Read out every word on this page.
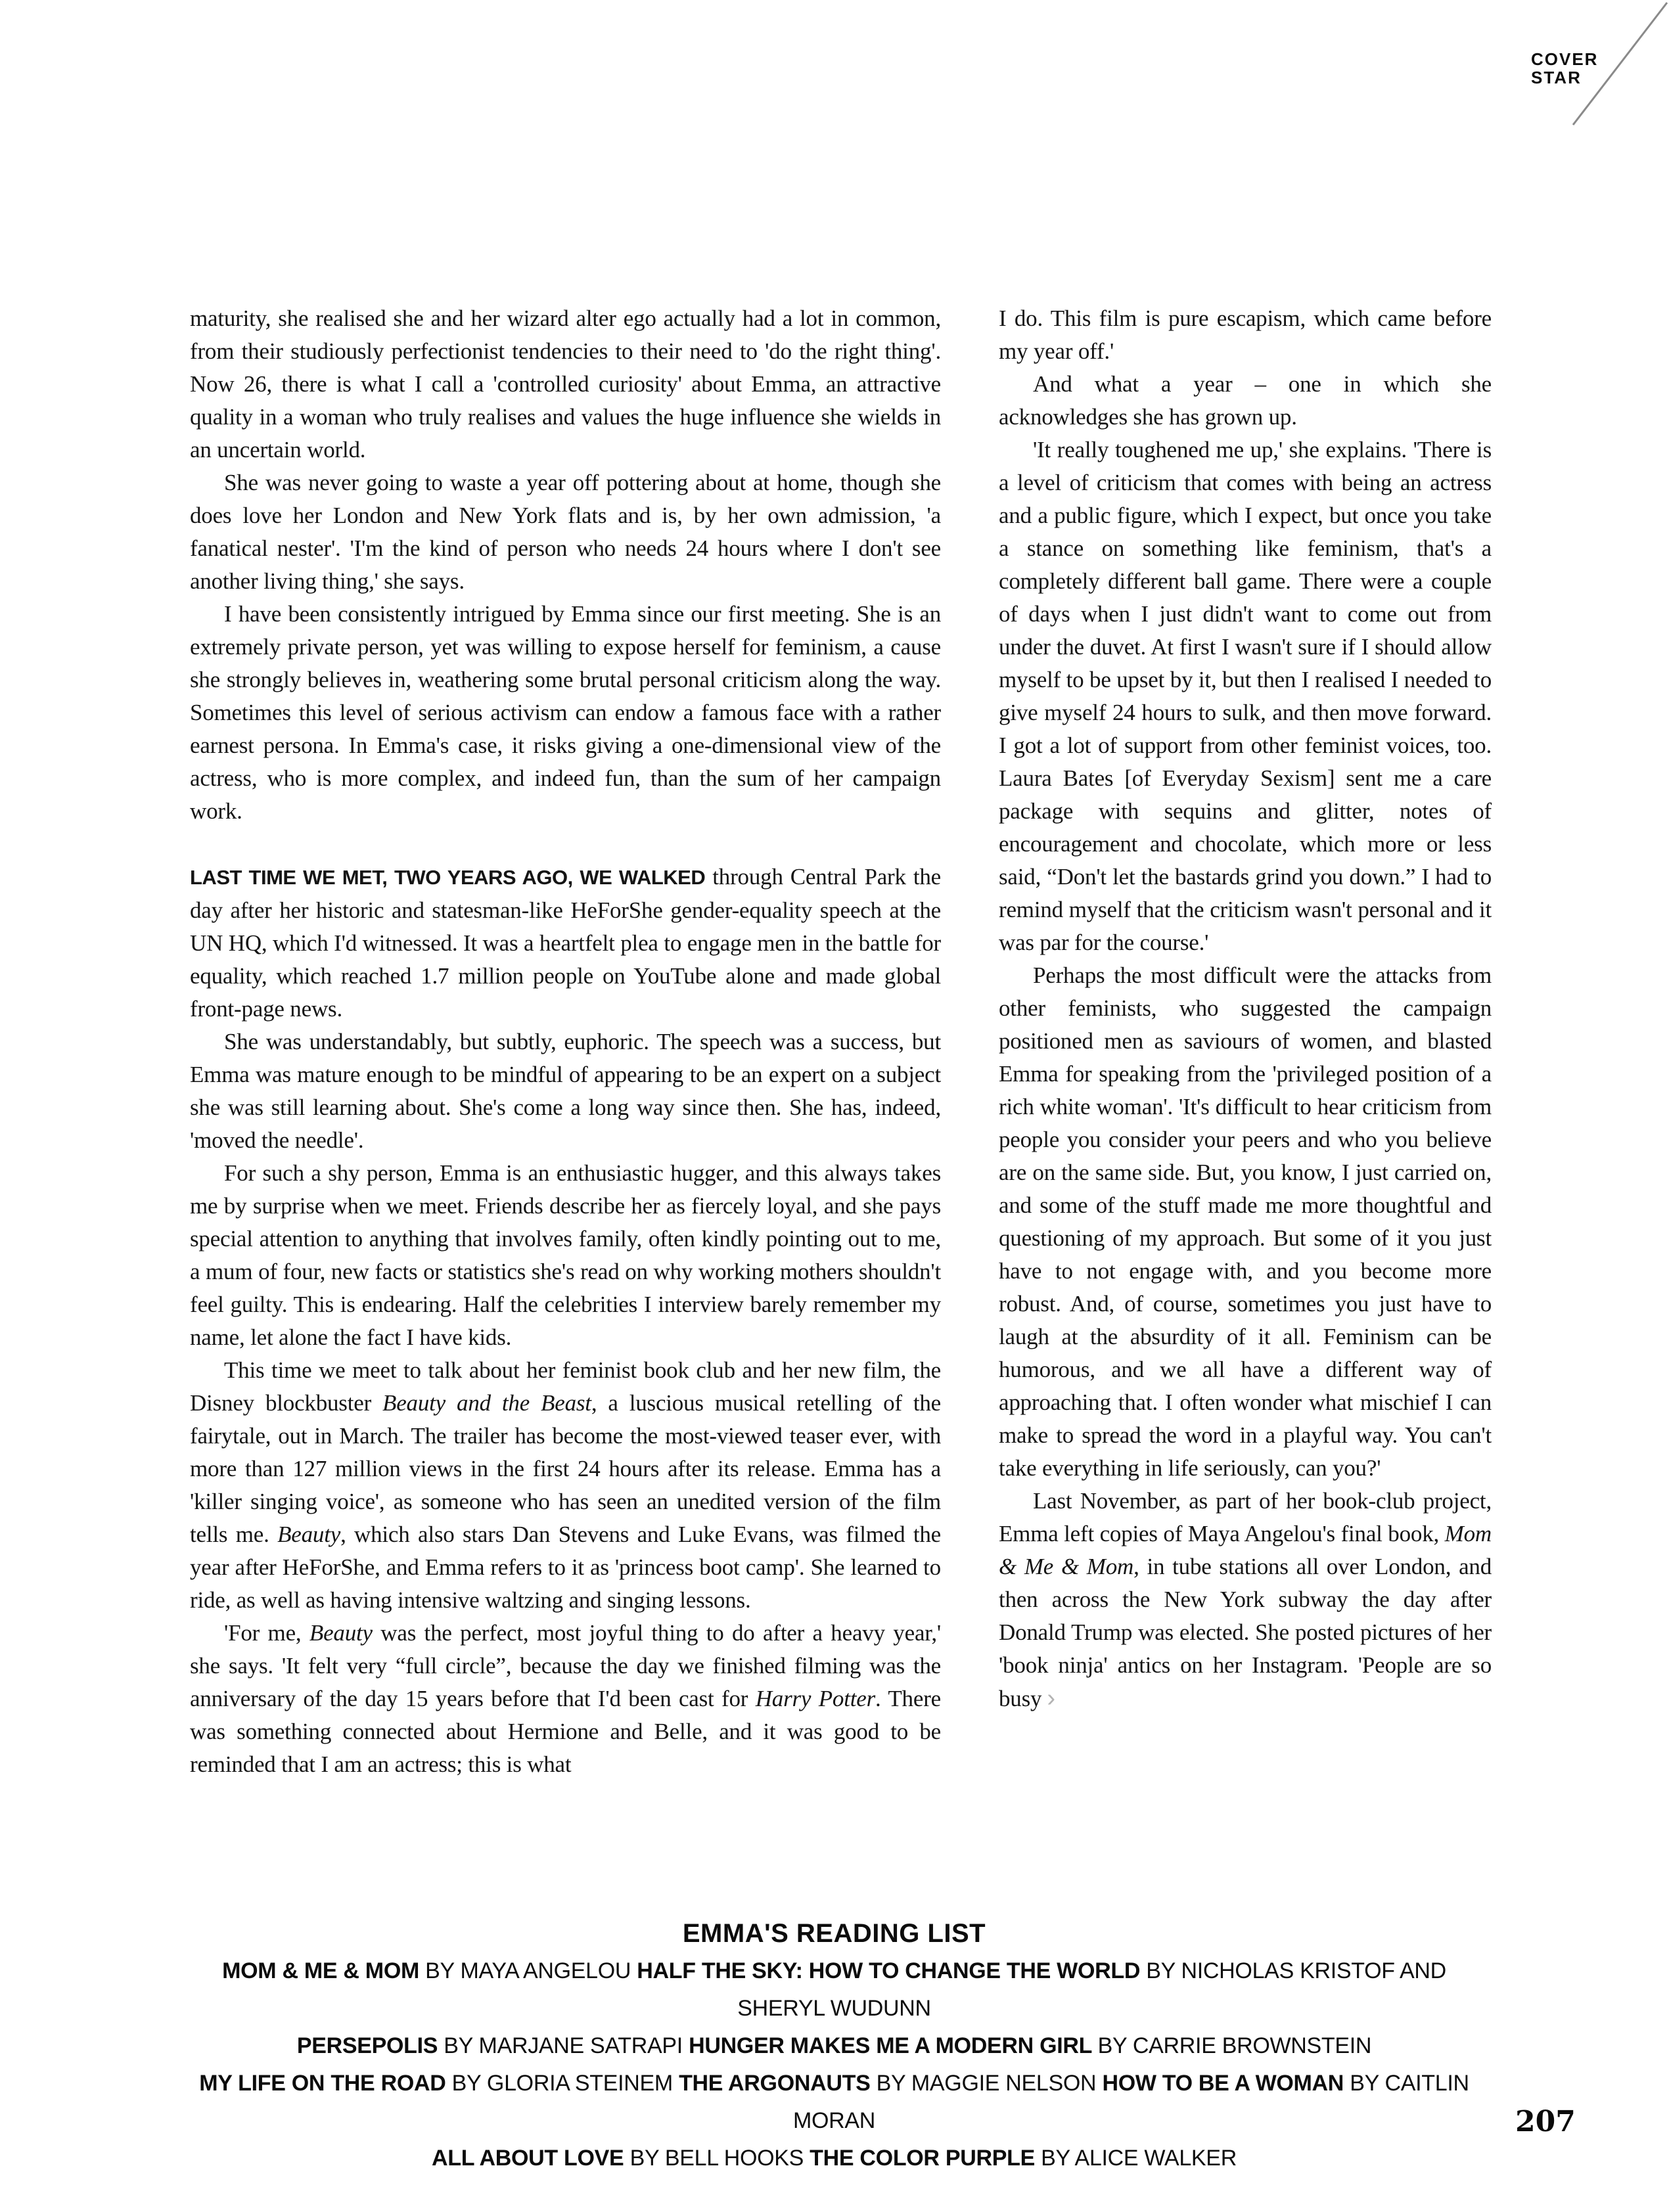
COVER
STAR

maturity, she realised she and her wizard alter ego actually had a lot in common, from their studiously perfectionist tendencies to their need to 'do the right thing'. Now 26, there is what I call a 'controlled curiosity' about Emma, an attractive quality in a woman who truly realises and values the huge influence she wields in an uncertain world.

She was never going to waste a year off pottering about at home, though she does love her London and New York flats and is, by her own admission, 'a fanatical nester'. 'I'm the kind of person who needs 24 hours where I don't see another living thing,' she says.

I have been consistently intrigued by Emma since our first meeting. She is an extremely private person, yet was willing to expose herself for feminism, a cause she strongly believes in, weathering some brutal personal criticism along the way. Sometimes this level of serious activism can endow a famous face with a rather earnest persona. In Emma's case, it risks giving a one-dimensional view of the actress, who is more complex, and indeed fun, than the sum of her campaign work.

LAST TIME WE MET, TWO YEARS AGO, WE WALKED through Central Park the day after her historic and statesman-like HeForShe gender-equality speech at the UN HQ, which I'd witnessed. It was a heartfelt plea to engage men in the battle for equality, which reached 1.7 million people on YouTube alone and made global front-page news.

She was understandably, but subtly, euphoric. The speech was a success, but Emma was mature enough to be mindful of appearing to be an expert on a subject she was still learning about. She's come a long way since then. She has, indeed, 'moved the needle'.

For such a shy person, Emma is an enthusiastic hugger, and this always takes me by surprise when we meet. Friends describe her as fiercely loyal, and she pays special attention to anything that involves family, often kindly pointing out to me, a mum of four, new facts or statistics she's read on why working mothers shouldn't feel guilty. This is endearing. Half the celebrities I interview barely remember my name, let alone the fact I have kids.

This time we meet to talk about her feminist book club and her new film, the Disney blockbuster Beauty and the Beast, a luscious musical retelling of the fairytale, out in March. The trailer has become the most-viewed teaser ever, with more than 127 million views in the first 24 hours after its release. Emma has a 'killer singing voice', as someone who has seen an unedited version of the film tells me. Beauty, which also stars Dan Stevens and Luke Evans, was filmed the year after HeForShe, and Emma refers to it as 'princess boot camp'. She learned to ride, as well as having intensive waltzing and singing lessons.

'For me, Beauty was the perfect, most joyful thing to do after a heavy year,' she says. 'It felt very “full circle”, because the day we finished filming was the anniversary of the day 15 years before that I'd been cast for Harry Potter. There was something connected about Hermione and Belle, and it was good to be reminded that I am an actress; this is what

I do. This film is pure escapism, which came before my year off.'

And what a year – one in which she acknowledges she has grown up.

'It really toughened me up,' she explains. 'There is a level of criticism that comes with being an actress and a public figure, which I expect, but once you take a stance on something like feminism, that's a completely different ball game. There were a couple of days when I just didn't want to come out from under the duvet. At first I wasn't sure if I should allow myself to be upset by it, but then I realised I needed to give myself 24 hours to sulk, and then move forward. I got a lot of support from other feminist voices, too. Laura Bates [of Everyday Sexism] sent me a care package with sequins and glitter, notes of encouragement and chocolate, which more or less said, “Don't let the bastards grind you down.” I had to remind myself that the criticism wasn't personal and it was par for the course.'

Perhaps the most difficult were the attacks from other feminists, who suggested the campaign positioned men as saviours of women, and blasted Emma for speaking from the 'privileged position of a rich white woman'. 'It's difficult to hear criticism from people you consider your peers and who you believe are on the same side. But, you know, I just carried on, and some of the stuff made me more thoughtful and questioning of my approach. But some of it you just have to not engage with, and you become more robust. And, of course, sometimes you just have to laugh at the absurdity of it all. Feminism can be humorous, and we all have a different way of approaching that. I often wonder what mischief I can make to spread the word in a playful way. You can't take everything in life seriously, can you?'

Last November, as part of her book-club project, Emma left copies of Maya Angelou's final book, Mom & Me & Mom, in tube stations all over London, and then across the New York subway the day after Donald Trump was elected. She posted pictures of her 'book ninja' antics on her Instagram. 'People are so busy ›

EMMA'S READING LIST
MOM & ME & MOM BY MAYA ANGELOU HALF THE SKY: HOW TO CHANGE THE WORLD BY NICHOLAS KRISTOF AND SHERYL WUDUNN
PERSEPOLIS BY MARJANE SATRAPI HUNGER MAKES ME A MODERN GIRL BY CARRIE BROWNSTEIN
MY LIFE ON THE ROAD BY GLORIA STEINEM THE ARGONAUTS BY MAGGIE NELSON HOW TO BE A WOMAN BY CAITLIN MORAN
ALL ABOUT LOVE BY BELL HOOKS THE COLOR PURPLE BY ALICE WALKER
207
